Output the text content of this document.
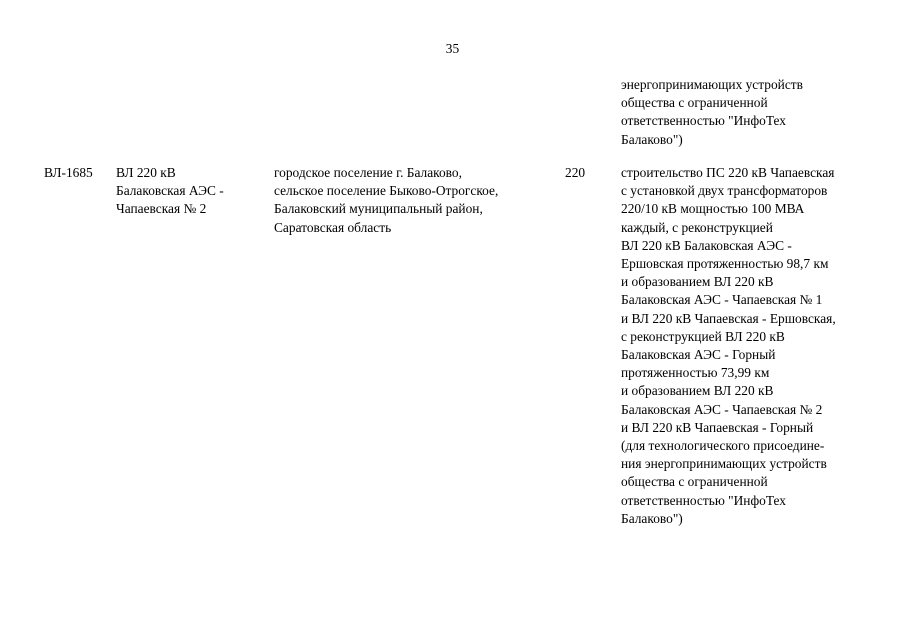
35
энергопринимающих устройств
общества с ограниченной
ответственностью "ИнфоТех
Балаково")
ВЛ-1685	ВЛ 220 кВ
Балаковская АЭС -
Чапаевская № 2
городское поселение г. Балаково,
сельское поселение Быково-Отрогское,
Балаковский муниципальный район,
Саратовская область
220	строительство ПС 220 кВ Чапаевская
с установкой двух трансформаторов
220/10 кВ мощностью 100 МВА
каждый, с реконструкцией
ВЛ 220 кВ Балаковская АЭС -
Ершовская протяженностью 98,7 км
и образованием ВЛ 220 кВ
Балаковская АЭС - Чапаевская № 1
и ВЛ 220 кВ Чапаевская - Ершовская,
с реконструкцией ВЛ 220 кВ
Балаковская АЭС - Горный
протяженностью 73,99 км
и образованием ВЛ 220 кВ
Балаковская АЭС - Чапаевская № 2
и ВЛ 220 кВ Чапаевская - Горный
(для технологического присоедине-
ния энергопринимающих устройств
общества с ограниченной
ответственностью "ИнфоТех
Балаково")
